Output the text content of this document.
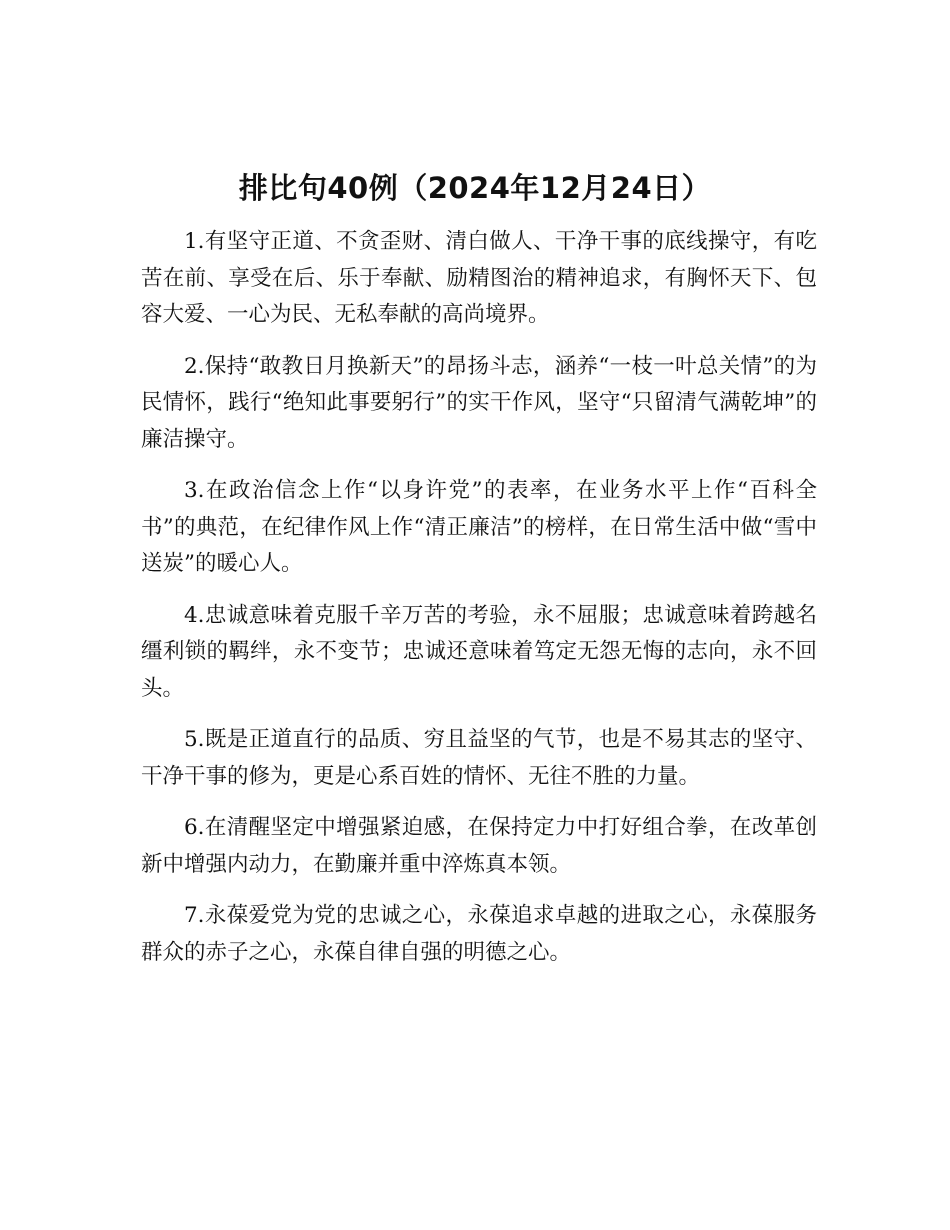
排比句40例（2024年12月24日）

1.有坚守正道、不贪歪财、清白做人、干净干事的底线操守，有吃苦在前、享受在后、乐于奉献、励精图治的精神追求，有胸怀天下、包容大爱、一心为民、无私奉献的高尚境界。

2.保持“敢教日月换新天”的昂扬斗志，涵养“一枝一叶总关情”的为民情怀，践行“绝知此事要躬行”的实干作风，坚守“只留清气满乾坤”的廉洁操守。

3.在政治信念上作“以身许党”的表率，在业务水平上作“百科全书”的典范，在纪律作风上作“清正廉洁”的榜样，在日常生活中做“雪中送炭”的暖心人。

4.忠诚意味着克服千辛万苦的考验，永不屈服；忠诚意味着跨越名缰利锁的羁绊，永不变节；忠诚还意味着笃定无怨无悔的志向，永不回头。

5.既是正道直行的品质、穷且益坚的气节，也是不易其志的坚守、干净干事的修为，更是心系百姓的情怀、无往不胜的力量。

6.在清醒坚定中增强紧迫感，在保持定力中打好组合拳，在改革创新中增强内动力，在勤廉并重中淬炼真本领。

7.永葆爱党为党的忠诚之心，永葆追求卓越的进取之心，永葆服务群众的赤子之心，永葆自律自强的明德之心。
